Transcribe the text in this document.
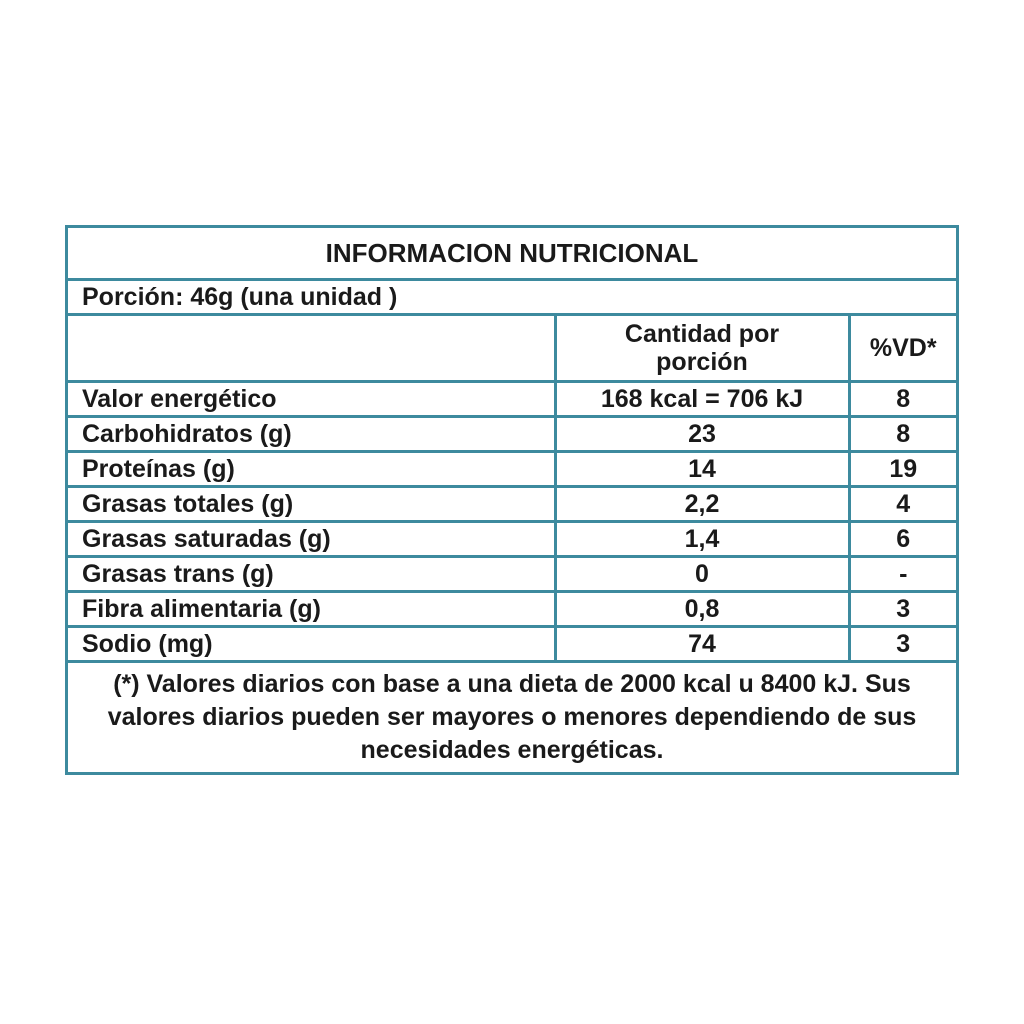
INFORMACION NUTRICIONAL		
Porción: 46g (una unidad )		
	Cantidad por porción	%VD*
Valor energético	168 kcal = 706 kJ	8
Carbohidratos (g)	23	8
Proteínas (g)	14	19
Grasas totales (g)	2,2	4
Grasas saturadas (g)	1,4	6
Grasas trans (g)	0	-
Fibra alimentaria (g)	0,8	3
Sodio (mg)	74	3
(*) Valores diarios con base a una dieta de 2000 kcal u 8400 kJ. Sus valores diarios pueden ser mayores o menores dependiendo de sus necesidades energéticas.		
